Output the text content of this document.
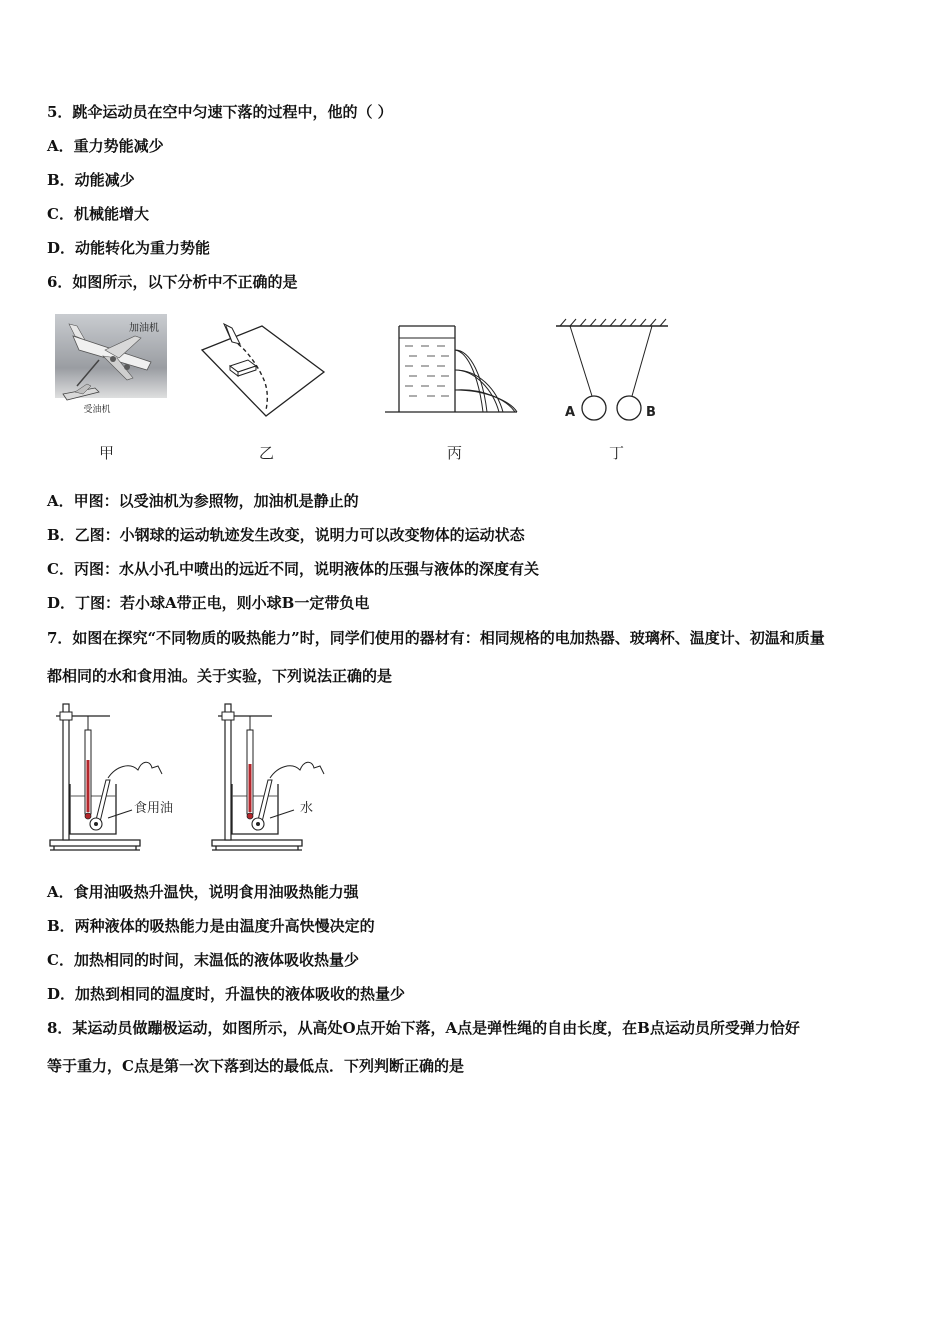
5．跳伞运动员在空中匀速下落的过程中，他的（ ）
A．重力势能减少
B．动能减少
C．机械能增大
D．动能转化为重力势能
6．如图所示，以下分析中不正确的是
加油机
受油机	A	B
甲	乙	丙	丁
A．甲图：以受油机为参照物，加油机是静止的
B．乙图：小钢球的运动轨迹发生改变，说明力可以改变物体的运动状态
C．丙图：水从小孔中喷出的远近不同，说明液体的压强与液体的深度有关
D．丁图：若小球A带正电，则小球B一定带负电
7．如图在探究“不同物质的吸热能力”时，同学们使用的器材有：相同规格的电加热器、玻璃杯、温度计、初温和质量
都相同的水和食用油。关于实验，下列说法正确的是
食用油	水
A．食用油吸热升温快，说明食用油吸热能力强
B．两种液体的吸热能力是由温度升高快慢决定的
C．加热相同的时间，末温低的液体吸收热量少
D．加热到相同的温度时，升温快的液体吸收的热量少
8．某运动员做蹦极运动，如图所示，从高处O点开始下落，A点是弹性绳的自由长度，在B点运动员所受弹力恰好
等于重力，C点是第一次下落到达的最低点．下列判断正确的是
